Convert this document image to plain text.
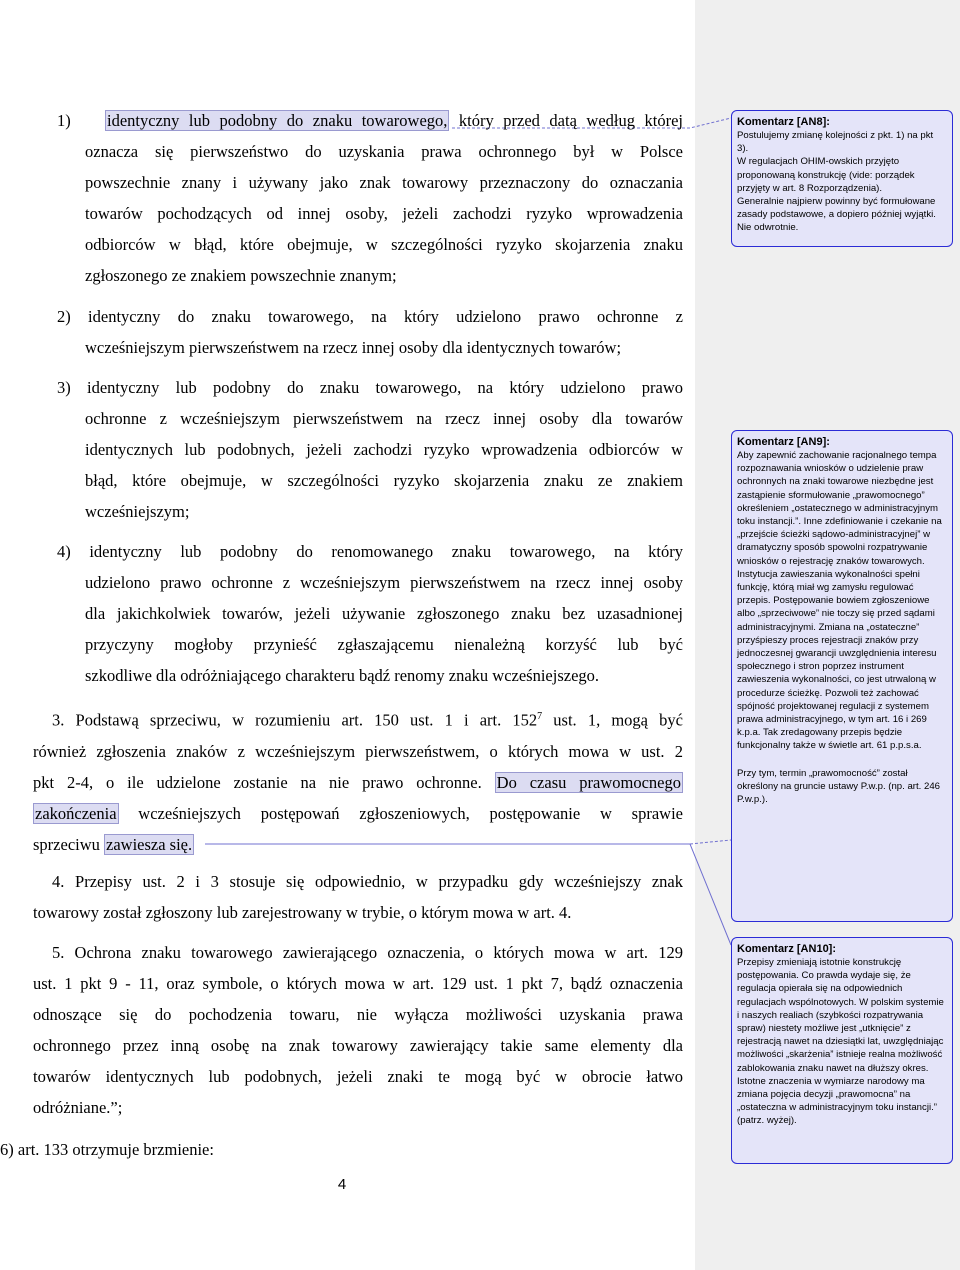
1) identyczny lub podobny do znaku towarowego, który przed datą według której
oznacza się pierwszeństwo do uzyskania prawa ochronnego był w Polsce
powszechnie znany i używany jako znak towarowy przeznaczony do oznaczania
towarów pochodzących od innej osoby, jeżeli zachodzi ryzyko wprowadzenia
odbiorców w błąd, które obejmuje, w szczególności ryzyko skojarzenia znaku
zgłoszonego ze znakiem powszechnie znanym;
2) identyczny do znaku towarowego, na który udzielono prawo ochronne z
wcześniejszym pierwszeństwem na rzecz innej osoby dla identycznych towarów;
3) identyczny lub podobny do znaku towarowego, na który udzielono prawo
ochronne z wcześniejszym pierwszeństwem na rzecz innej osoby dla towarów
identycznych lub podobnych, jeżeli zachodzi ryzyko wprowadzenia odbiorców w
błąd, które obejmuje, w szczególności ryzyko skojarzenia znaku ze znakiem
wcześniejszym;
4) identyczny lub podobny do renomowanego znaku towarowego, na który
udzielono prawo ochronne z wcześniejszym pierwszeństwem na rzecz innej osoby
dla jakichkolwiek towarów, jeżeli używanie zgłoszonego znaku bez uzasadnionej
przyczyny mogłoby przynieść zgłaszającemu nienależną korzyść lub być
szkodliwe dla odróżniającego charakteru bądź renomy znaku wcześniejszego.
3. Podstawą sprzeciwu, w rozumieniu art. 150 ust. 1 i art. $152^7$ ust. 1, mogą być
również zgłoszenia znaków z wcześniejszym pierwszeństwem, o których mowa w ust. 2
pkt 2-4, o ile udzielone zostanie na nie prawo ochronne. Do czasu prawomocnego
zakończenia wcześniejszych postępowań zgłoszeniowych, postępowanie w sprawie
sprzeciwu zawiesza się.
4. Przepisy ust. 2 i 3 stosuje się odpowiednio, w przypadku gdy wcześniejszy znak
towarowy został zgłoszony lub zarejestrowany w trybie, o którym mowa w art. 4.
5. Ochrona znaku towarowego zawierającego oznaczenia, o których mowa w art. 129
ust. 1 pkt 9 - 11, oraz symbole, o których mowa w art. 129 ust. 1 pkt 7, bądź oznaczenia
odnoszące się do pochodzenia towaru, nie wyłącza możliwości uzyskania prawa
ochronnego przez inną osobę na znak towarowy zawierający takie same elementy dla
towarów identycznych lub podobnych, jeżeli znaki te mogą być w obrocie łatwo
odróżniane.”;
6) art. 133 otrzymuje brzmienie:
4
Komentarz [AN8]:
Postulujemy zmianę kolejności z pkt. 1) na pkt 3).
W regulacjach OHIM-owskich przyjęto proponowaną konstrukcję (vide: porządek przyjęty w art. 8 Rozporządzenia).
Generalnie najpierw powinny być formułowane zasady podstawowe, a dopiero później wyjątki. Nie odwrotnie.
Komentarz [AN9]:
Aby zapewnić zachowanie racjonalnego tempa rozpoznawania wniosków o udzielenie praw ochronnych na znaki towarowe niezbędne jest zastąpienie sformułowanie „prawomocnego” określeniem „ostatecznego w administracyjnym toku instancji.”. Inne zdefiniowanie i czekanie na „przejście ścieżki sądowo-administracyjnej” w dramatyczny sposób spowolni rozpatrywanie wniosków o rejestrację znaków towarowych. Instytucja zawieszania wykonalności spełni funkcję, którą miał wg zamysłu regulować przepis. Postępowanie bowiem zgłoszeniowe albo „sprzeciwowe” nie toczy się przed sądami administracyjnymi. Zmiana na „ostateczne” przyśpieszy proces rejestracji znaków przy jednoczesnej gwarancji uwzględnienia interesu społecznego i stron poprzez instrument zawieszenia wykonalności, co jest utrwaloną w procedurze ścieżkę. Pozwoli też zachować spójność projektowanej regulacji z systemem prawa administracyjnego, w tym art. 16 i 269 k.p.a. Tak zredagowany przepis będzie funkcjonalny także w świetle art. 61 p.p.s.a.
Przy tym, termin „prawomocność” został określony na gruncie ustawy P.w.p. (np. art. 246 P.w.p.).
Komentarz [AN10]:
Przepisy zmieniają istotnie konstrukcję postępowania. Co prawda wydaje się, że regulacja opierała się na odpowiednich regulacjach wspólnotowych. W polskim systemie i naszych realiach (szybkości rozpatrywania spraw) niestety możliwe jest „utknięcie” z rejestracją nawet na dziesiątki lat, uwzględniając możliwości „skarżenia” istnieje realna możliwość zablokowania znaku nawet na dłuższy okres. Istotne znaczenia w wymiarze narodowy ma zmiana pojęcia decyzji „prawomocna” na „ostateczna w administracyjnym toku instancji.” (patrz. wyżej).
